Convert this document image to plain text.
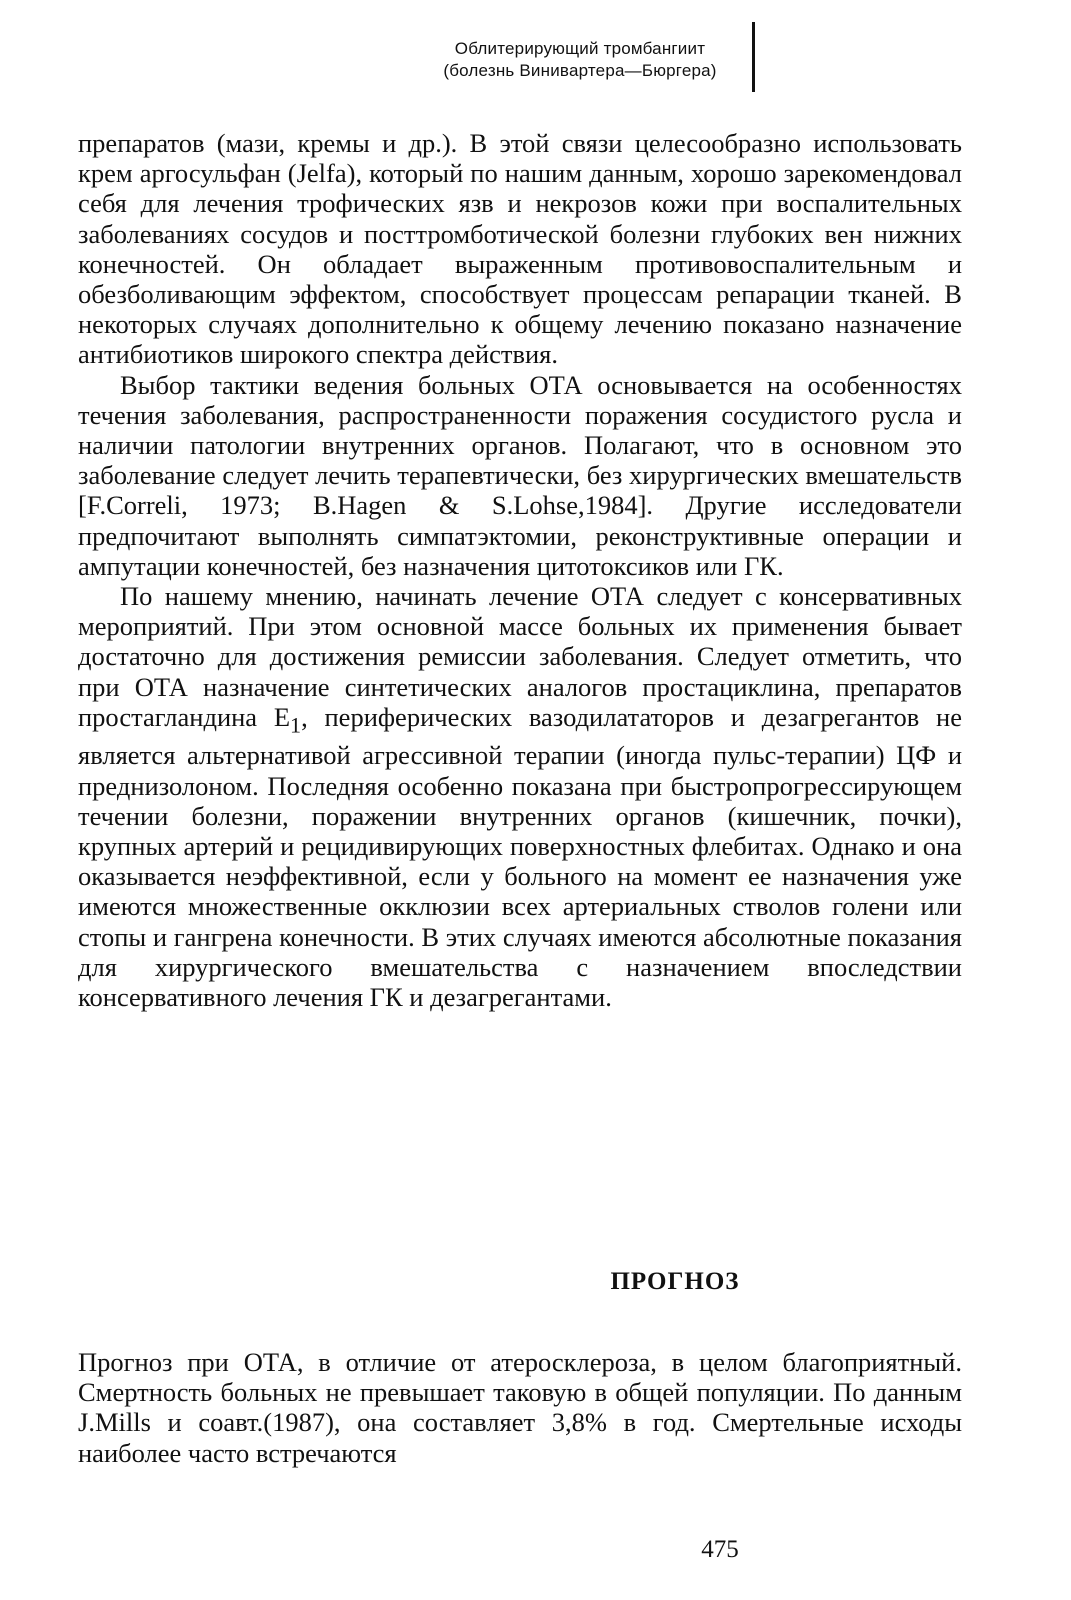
Облитерирующий тромбангиит
(болезнь Винивартера—Бюргера)

препаратов (мази, кремы и др.). В этой связи целесообразно использовать крем аргосульфан (Jelfa), который по нашим данным, хорошо зарекомендовал себя для лечения трофических язв и некрозов кожи при воспалительных заболеваниях сосудов и посттромботической болезни глубоких вен нижних конечностей. Он обладает выраженным противовоспалительным и обезболивающим эффектом, способствует процессам репарации тканей. В некоторых случаях дополнительно к общему лечению показано назначение антибиотиков широкого спектра действия.

Выбор тактики ведения больных ОТА основывается на особенностях течения заболевания, распространенности поражения сосудистого русла и наличии патологии внутренних органов. Полагают, что в основном это заболевание следует лечить терапевтически, без хирургических вмешательств [F.Correli, 1973; B.Hagen & S.Lohse,1984]. Другие исследователи предпочитают выполнять симпатэктомии, реконструктивные операции и ампутации конечностей, без назначения цитотоксиков или ГК.

По нашему мнению, начинать лечение ОТА следует с консервативных мероприятий. При этом основной массе больных их применения бывает достаточно для достижения ремиссии заболевания. Следует отметить, что при ОТА назначение синтетических аналогов простациклина, препаратов простагландина $E_1$, периферических вазодилататоров и дезагрегантов не является альтернативой агрессивной терапии (иногда пульс-терапии) ЦФ и преднизолоном. Последняя особенно показана при быстропрогрессирующем течении болезни, поражении внутренних органов (кишечник, почки), крупных артерий и рецидивирующих поверхностных флебитах. Однако и она оказывается неэффективной, если у больного на момент ее назначения уже имеются множественные окклюзии всех артериальных стволов голени или стопы и гангрена конечности. В этих случаях имеются абсолютные показания для хирургического вмешательства с назначением впоследствии консервативного лечения ГК и дезагрегантами.

ПРОГНОЗ

Прогноз при ОТА, в отличие от атеросклероза, в целом благоприятный. Смертность больных не превышает таковую в общей популяции. По данным J.Mills и соавт.(1987), она составляет 3,8% в год. Смертельные исходы наиболее часто встречаются

475
